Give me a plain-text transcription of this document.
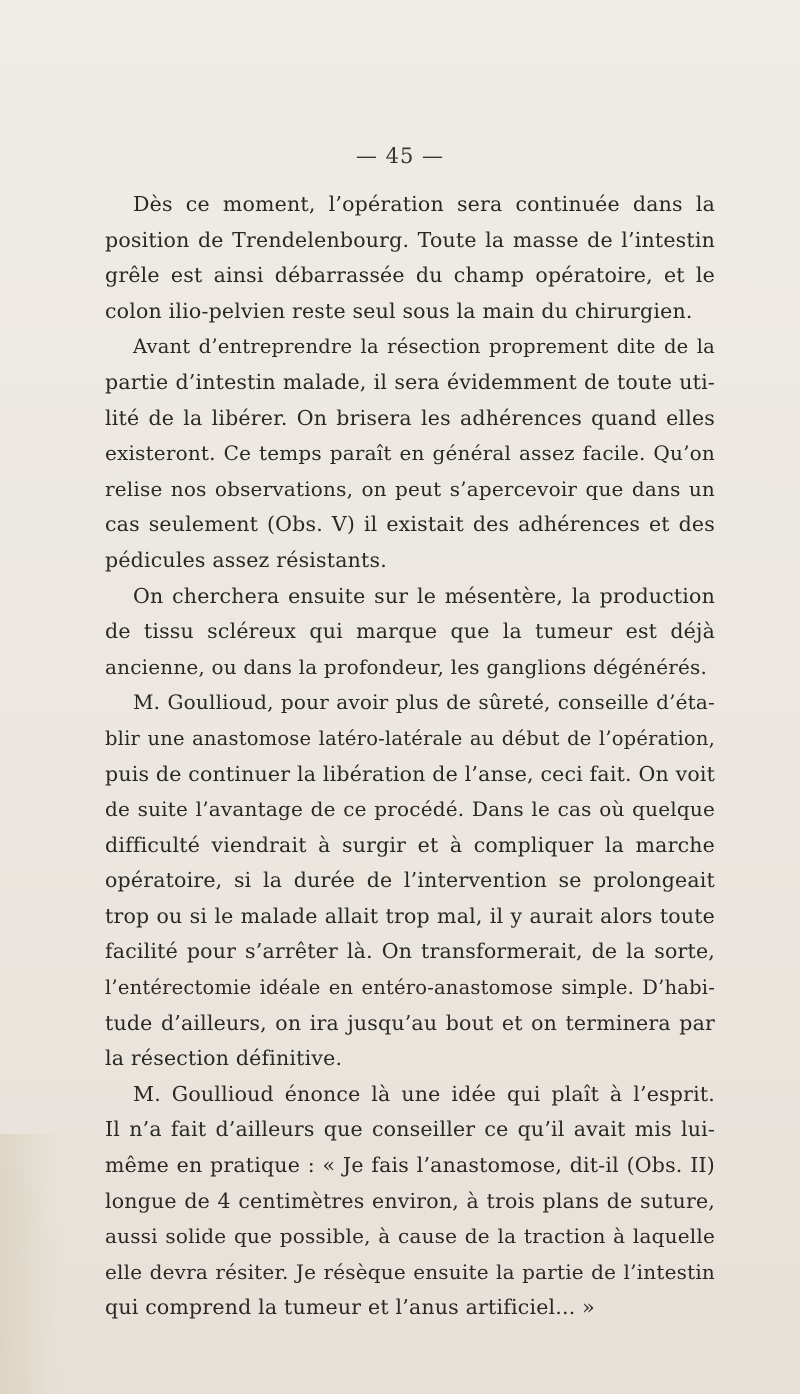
— 45 —
Dès ce moment, l’opération sera continuée dans la
position de Trendelenbourg. Toute la masse de l’intestin
grêle est ainsi débarrassée du champ opératoire, et le
colon ilio-pelvien reste seul sous la main du chirurgien.
Avant d’entreprendre la résection proprement dite de la
partie d’intestin malade, il sera évidemment de toute uti-
lité de la libérer. On brisera les adhérences quand elles
existeront. Ce temps paraît en général assez facile. Qu’on
relise nos observations, on peut s’apercevoir que dans un
cas seulement (Obs. V) il existait des adhérences et des
pédicules assez résistants.
On cherchera ensuite sur le mésentère, la production
de tissu scléreux qui marque que la tumeur est déjà
ancienne, ou dans la profondeur, les ganglions dégénérés.
M. Goullioud, pour avoir plus de sûreté, conseille d’éta-
blir une anastomose latéro-latérale au début de l’opération,
puis de continuer la libération de l’anse, ceci fait. On voit
de suite l’avantage de ce procédé. Dans le cas où quelque
difficulté viendrait à surgir et à compliquer la marche
opératoire, si la durée de l’intervention se prolongeait
trop ou si le malade allait trop mal, il y aurait alors toute
facilité pour s’arrêter là. On transformerait, de la sorte,
l’entérectomie idéale en entéro-anastomose simple. D’habi-
tude d’ailleurs, on ira jusqu’au bout et on terminera par
la résection définitive.
M. Goullioud énonce là une idée qui plaît à l’esprit.
Il n’a fait d’ailleurs que conseiller ce qu’il avait mis lui-
même en pratique : « Je fais l’anastomose, dit-il (Obs. II)
longue de 4 centimètres environ, à trois plans de suture,
aussi solide que possible, à cause de la traction à laquelle
elle devra résiter. Je résèque ensuite la partie de l’intestin
qui comprend la tumeur et l’anus artificiel... »
